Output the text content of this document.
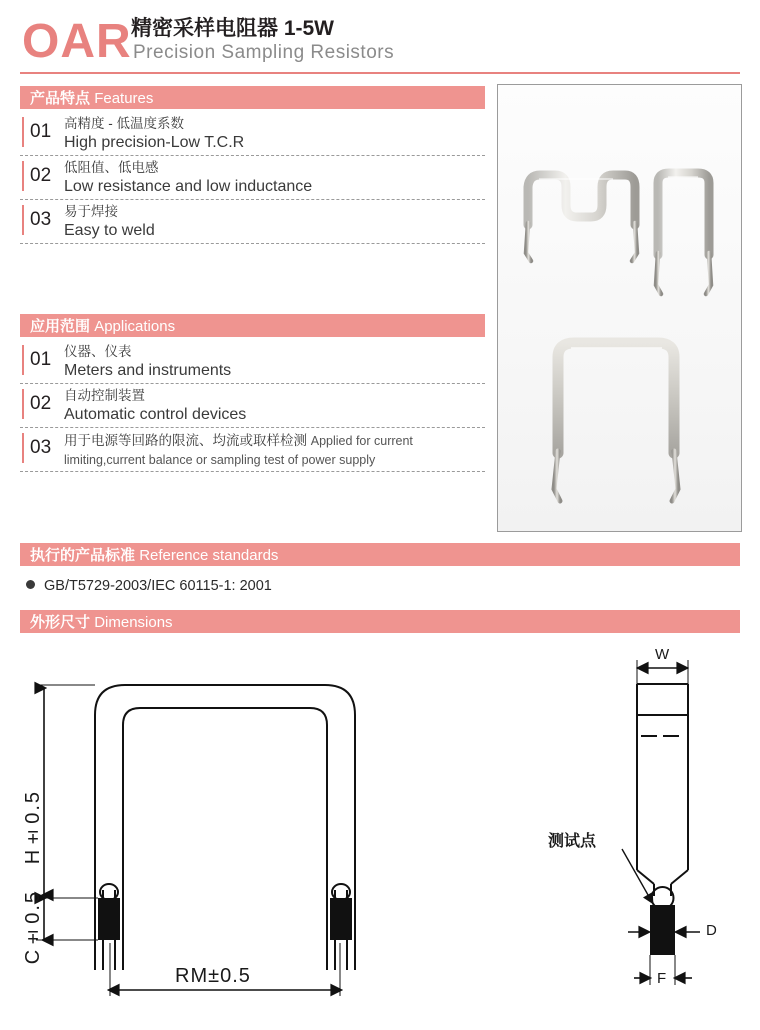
OAR 精密采样电阻器 1-5W
Precision Sampling Resistors
产品特点 Features
01 高精度 - 低温度系数

High precision-Low T.C.R

02 低阻值、低电感

Low resistance and low inductance

03 易于焊接

Easy to weld

应用范围 Applications
01 仪器、仪表

Meters and instruments

02 自动控制装置

Automatic control devices

03 用于电源等回路的限流、均流或取样检测 Applied for current

limiting,current balance or sampling test of power supply

执行的产品标准 Reference standards
GB/T5729-2003/IEC 60115-1: 2001
外形尺寸 Dimensions
H±0.5
C±0.5
RM±0.5
W
D
F
测试点
